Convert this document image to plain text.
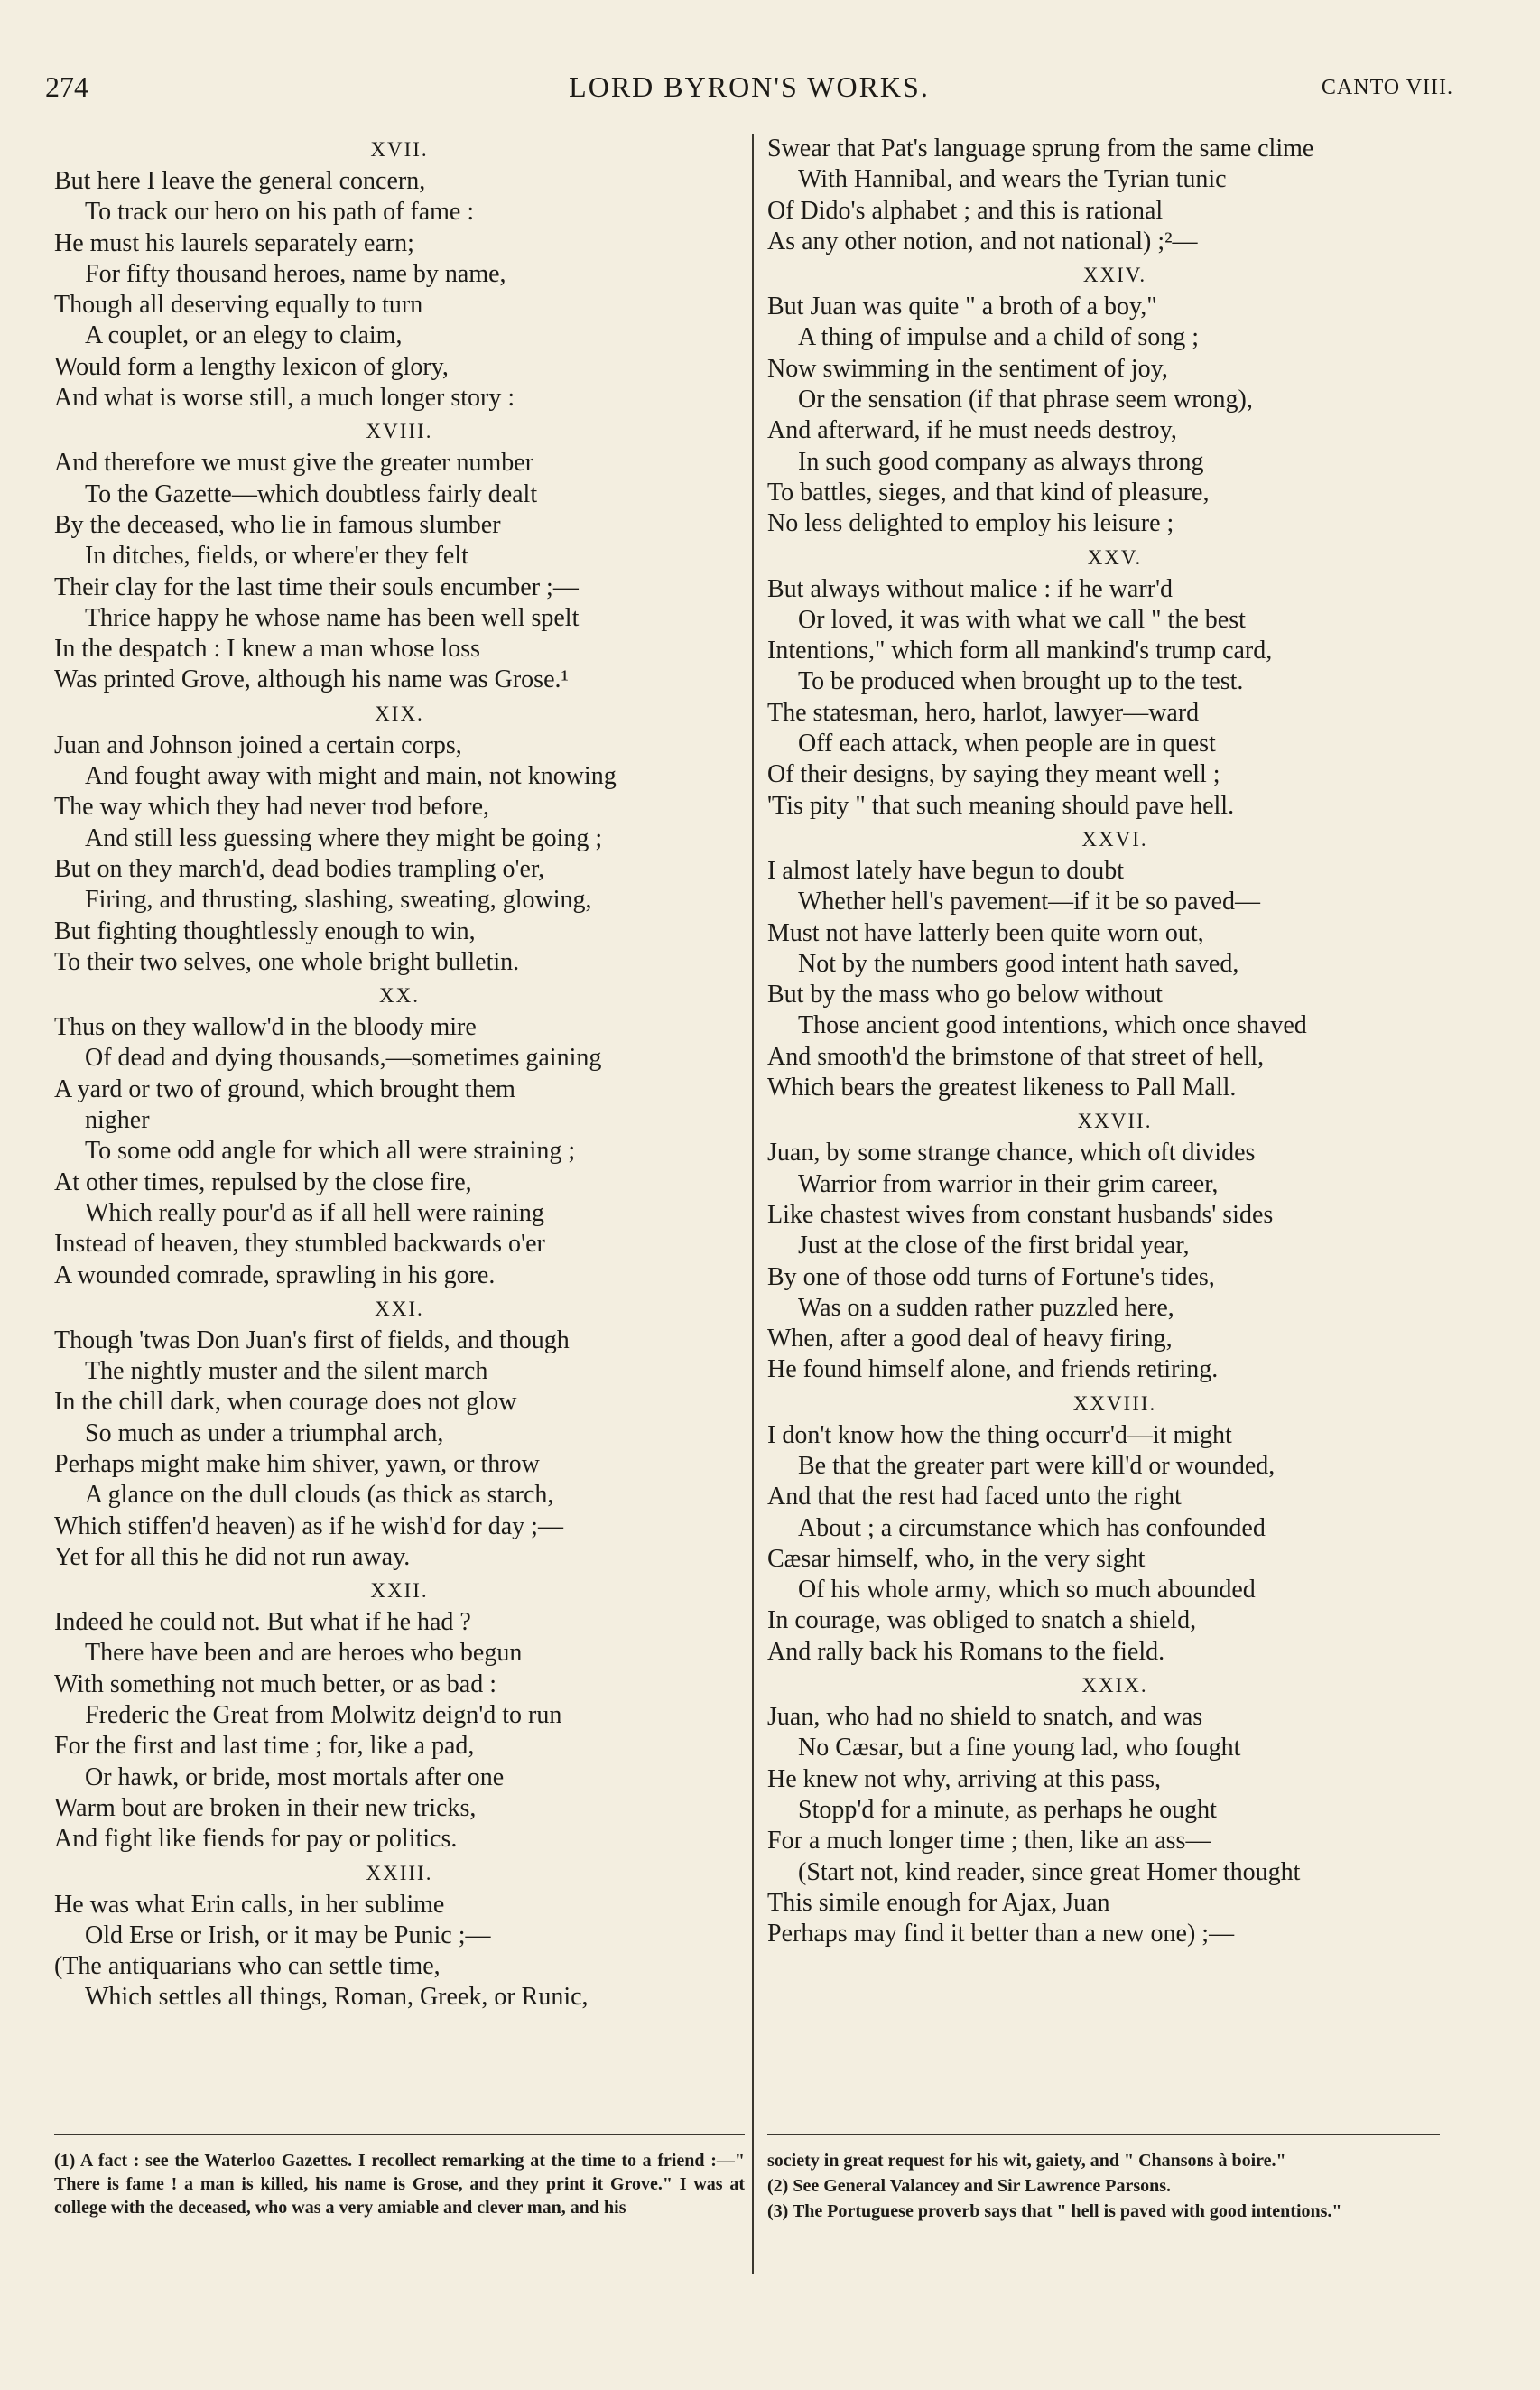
274	LORD BYRON'S WORKS.	CANTO VIII.
XVII.
But here I leave the general concern,
To track our hero on his path of fame :
He must his laurels separately earn;
For fifty thousand heroes, name by name,
Though all deserving equally to turn
A couplet, or an elegy to claim,
Would form a lengthy lexicon of glory,
And what is worse still, a much longer story :
XVIII.
And therefore we must give the greater number
To the Gazette—which doubtless fairly dealt
By the deceased, who lie in famous slumber
In ditches, fields, or where'er they felt
Their clay for the last time their souls encumber ;—
Thrice happy he whose name has been well spelt
In the despatch : I knew a man whose loss
Was printed Grove, although his name was Grose.¹
XIX.
Juan and Johnson joined a certain corps,
And fought away with might and main, not knowing
The way which they had never trod before,
And still less guessing where they might be going ;
But on they march'd, dead bodies trampling o'er,
Firing, and thrusting, slashing, sweating, glowing,
But fighting thoughtlessly enough to win,
To their two selves, one whole bright bulletin.
XX.
Thus on they wallow'd in the bloody mire
Of dead and dying thousands,—sometimes gaining
A yard or two of ground, which brought them
nigher
To some odd angle for which all were straining ;
At other times, repulsed by the close fire,
Which really pour'd as if all hell were raining
Instead of heaven, they stumbled backwards o'er
A wounded comrade, sprawling in his gore.
XXI.
Though 'twas Don Juan's first of fields, and though
The nightly muster and the silent march
In the chill dark, when courage does not glow
So much as under a triumphal arch,
Perhaps might make him shiver, yawn, or throw
A glance on the dull clouds (as thick as starch,
Which stiffen'd heaven) as if he wish'd for day ;—
Yet for all this he did not run away.
XXII.
Indeed he could not. But what if he had ?
There have been and are heroes who begun
With something not much better, or as bad :
Frederic the Great from Molwitz deign'd to run
For the first and last time ; for, like a pad,
Or hawk, or bride, most mortals after one
Warm bout are broken in their new tricks,
And fight like fiends for pay or politics.
XXIII.
He was what Erin calls, in her sublime
Old Erse or Irish, or it may be Punic ;—
(The antiquarians who can settle time,
Which settles all things, Roman, Greek, or Runic,
Swear that Pat's language sprung from the same clime
With Hannibal, and wears the Tyrian tunic
Of Dido's alphabet ; and this is rational
As any other notion, and not national) ;²—
XXIV.
But Juan was quite " a broth of a boy,"
A thing of impulse and a child of song ;
Now swimming in the sentiment of joy,
Or the sensation (if that phrase seem wrong),
And afterward, if he must needs destroy,
In such good company as always throng
To battles, sieges, and that kind of pleasure,
No less delighted to employ his leisure ;
XXV.
But always without malice : if he warr'd
Or loved, it was with what we call " the best
Intentions," which form all mankind's trump card,
To be produced when brought up to the test.
The statesman, hero, harlot, lawyer—ward
Off each attack, when people are in quest
Of their designs, by saying they meant well ;
'Tis pity " that such meaning should pave hell.
XXVI.
I almost lately have begun to doubt
Whether hell's pavement—if it be so paved—
Must not have latterly been quite worn out,
Not by the numbers good intent hath saved,
But by the mass who go below without
Those ancient good intentions, which once shaved
And smooth'd the brimstone of that street of hell,
Which bears the greatest likeness to Pall Mall.
XXVII.
Juan, by some strange chance, which oft divides
Warrior from warrior in their grim career,
Like chastest wives from constant husbands' sides
Just at the close of the first bridal year,
By one of those odd turns of Fortune's tides,
Was on a sudden rather puzzled here,
When, after a good deal of heavy firing,
He found himself alone, and friends retiring.
XXVIII.
I don't know how the thing occurr'd—it might
Be that the greater part were kill'd or wounded,
And that the rest had faced unto the right
About ; a circumstance which has confounded
Cæsar himself, who, in the very sight
Of his whole army, which so much abounded
In courage, was obliged to snatch a shield,
And rally back his Romans to the field.
XXIX.
Juan, who had no shield to snatch, and was
No Cæsar, but a fine young lad, who fought
He knew not why, arriving at this pass,
Stopp'd for a minute, as perhaps he ought
For a much longer time ; then, like an ass—
(Start not, kind reader, since great Homer thought
This simile enough for Ajax, Juan
Perhaps may find it better than a new one) ;—

(1) A fact : see the Waterloo Gazettes. I recollect remarking at the time to a friend :—" There is fame ! a man is killed, his name is Grose, and they print it Grove." I was at college with the deceased, who was a very amiable and clever man, and his

society in great request for his wit, gaiety, and " Chansons à boire."

(2) See General Valancey and Sir Lawrence Parsons.

(3) The Portuguese proverb says that " hell is paved with good intentions."
